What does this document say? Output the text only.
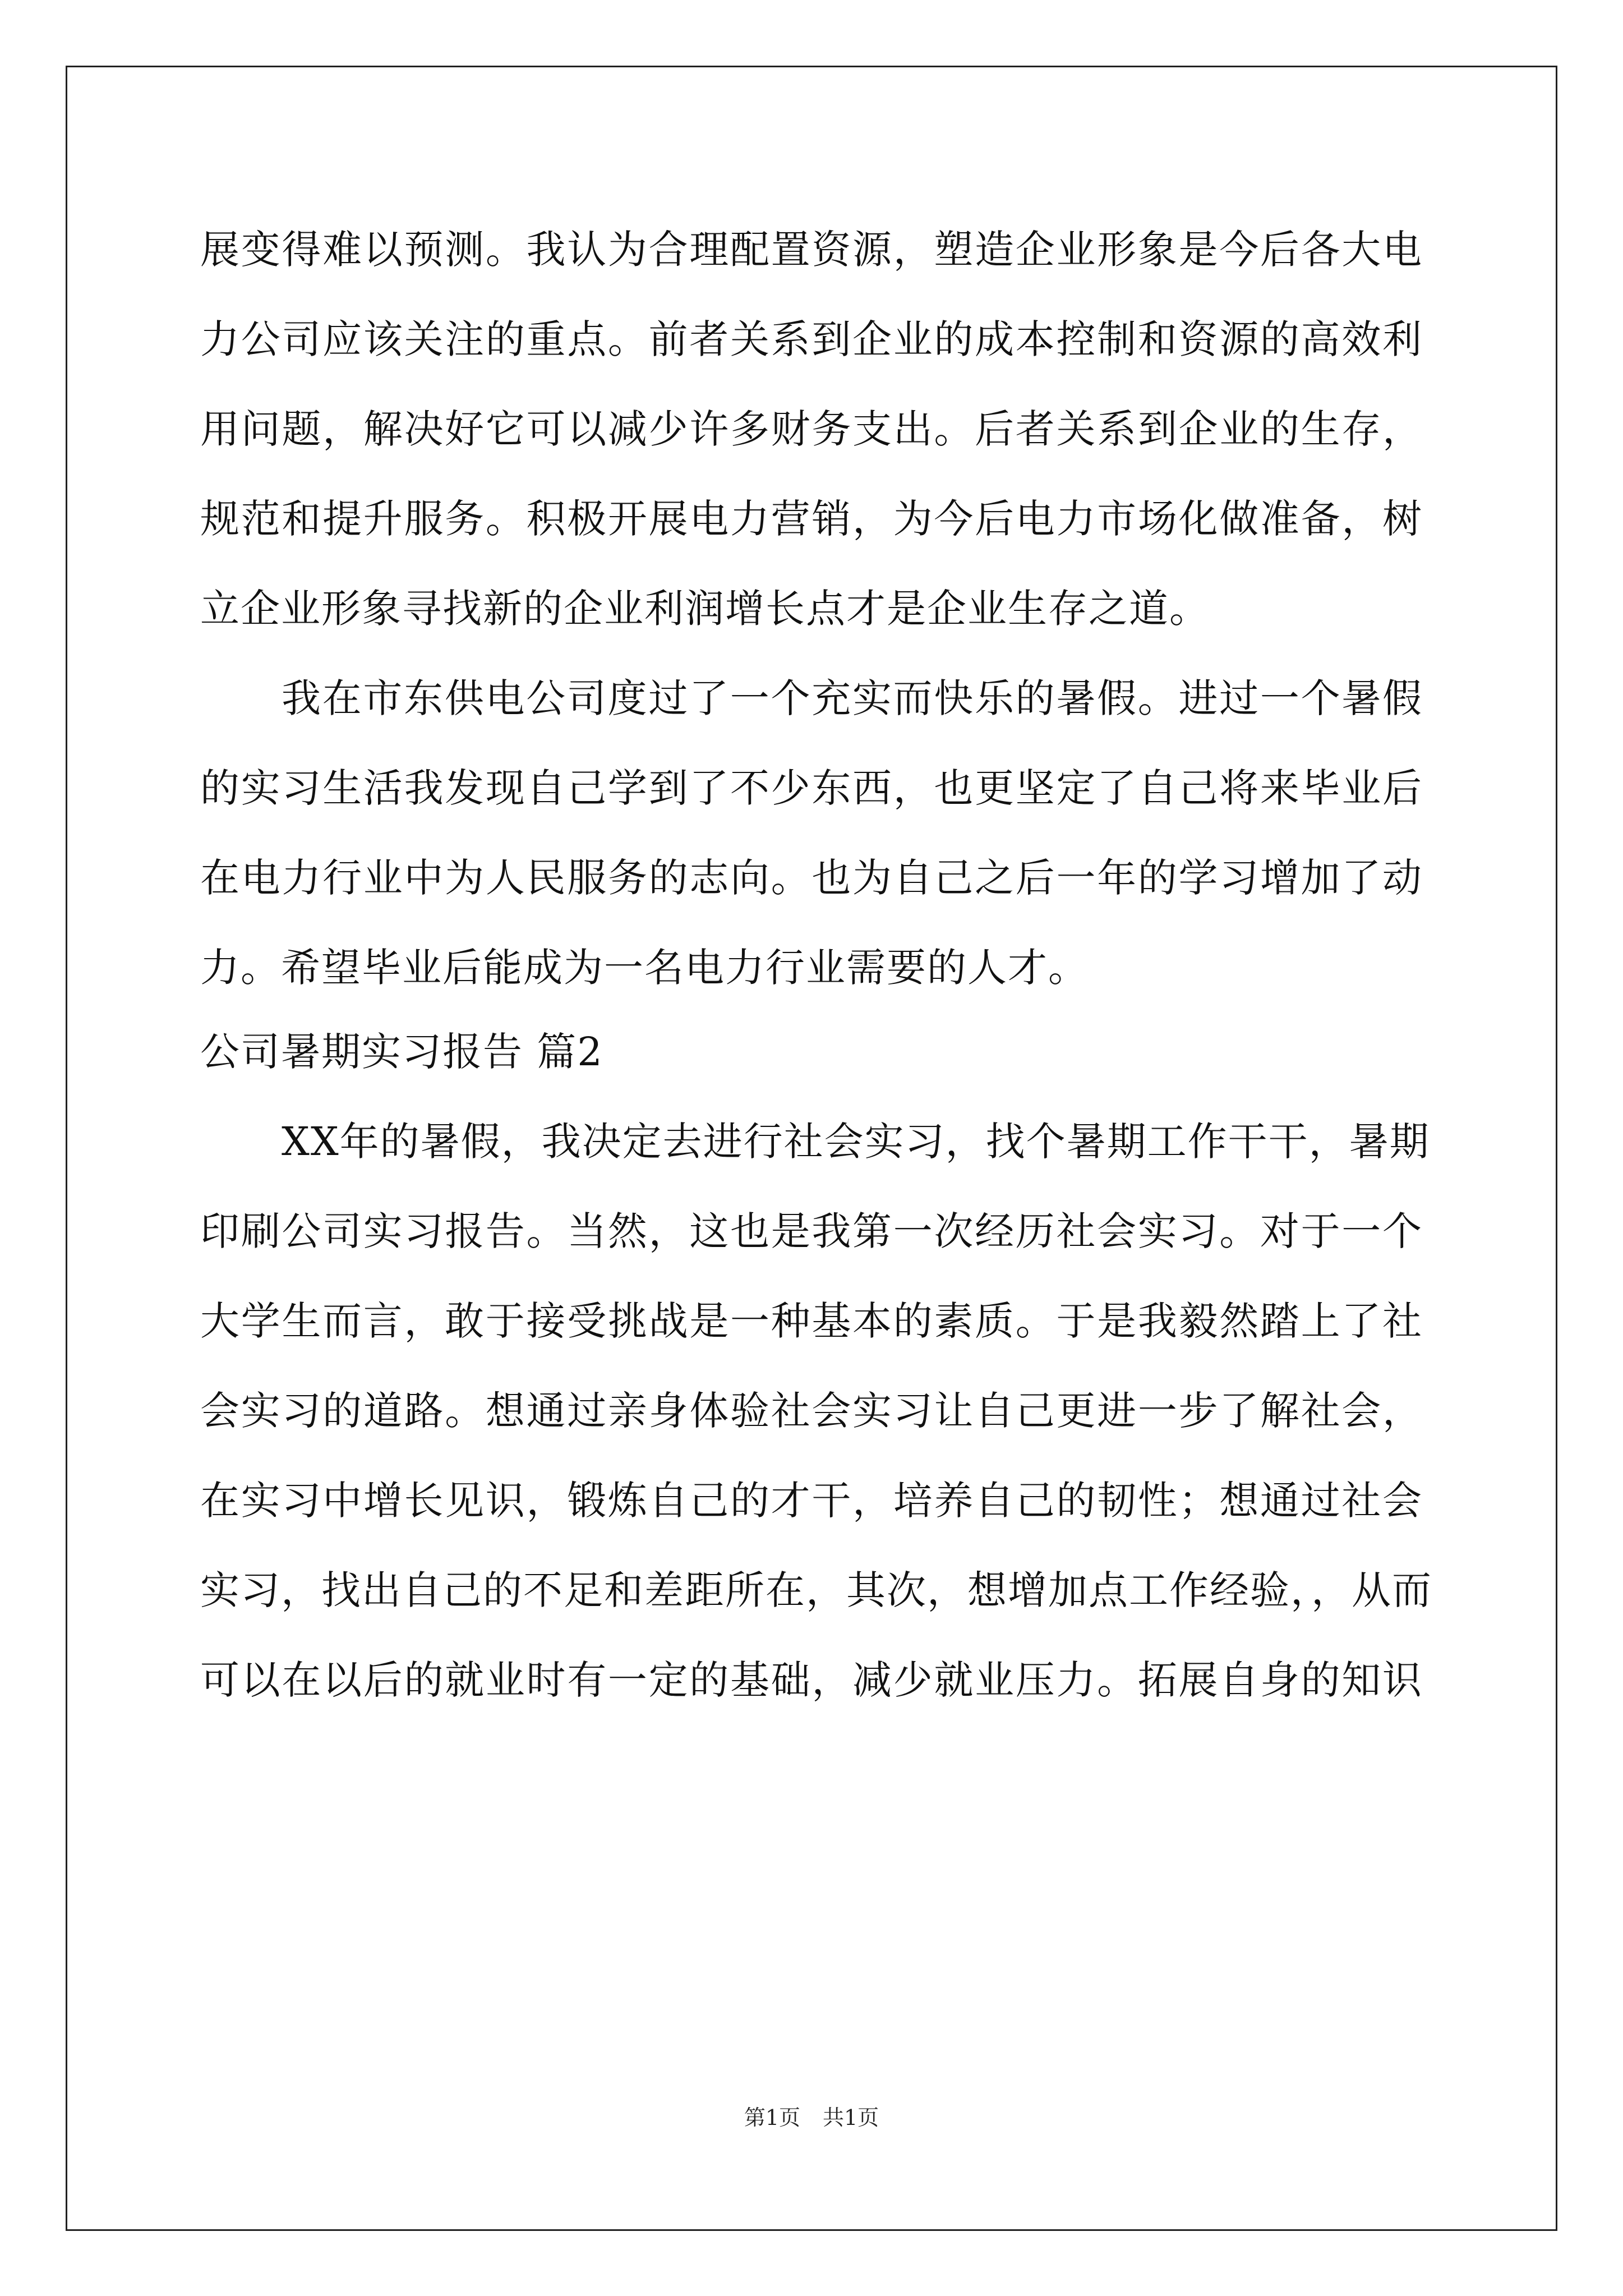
展变得难以预测。我认为合理配置资源，塑造企业形象是今后各大电
力公司应该关注的重点。前者关系到企业的成本控制和资源的高效利
用问题，解决好它可以减少许多财务支出。后者关系到企业的生存，
规范和提升服务。积极开展电力营销，为今后电力市场化做准备，树
立企业形象寻找新的企业利润增长点才是企业生存之道。
我在市东供电公司度过了一个充实而快乐的暑假。进过一个暑假
的实习生活我发现自己学到了不少东西，也更坚定了自己将来毕业后
在电力行业中为人民服务的志向。也为自己之后一年的学习增加了动
力。希望毕业后能成为一名电力行业需要的人才。
公司暑期实习报告 篇2
XX年的暑假，我决定去进行社会实习，找个暑期工作干干，暑期
印刷公司实习报告。当然，这也是我第一次经历社会实习。对于一个
大学生而言，敢于接受挑战是一种基本的素质。于是我毅然踏上了社
会实习的道路。想通过亲身体验社会实习让自己更进一步了解社会，
在实习中增长见识，锻炼自己的才干，培养自己的韧性；想通过社会
实习，找出自己的不足和差距所在，其次，想增加点工作经验，，从而
可以在以后的就业时有一定的基础，减少就业压力。拓展自身的知识
第1页 共1页
